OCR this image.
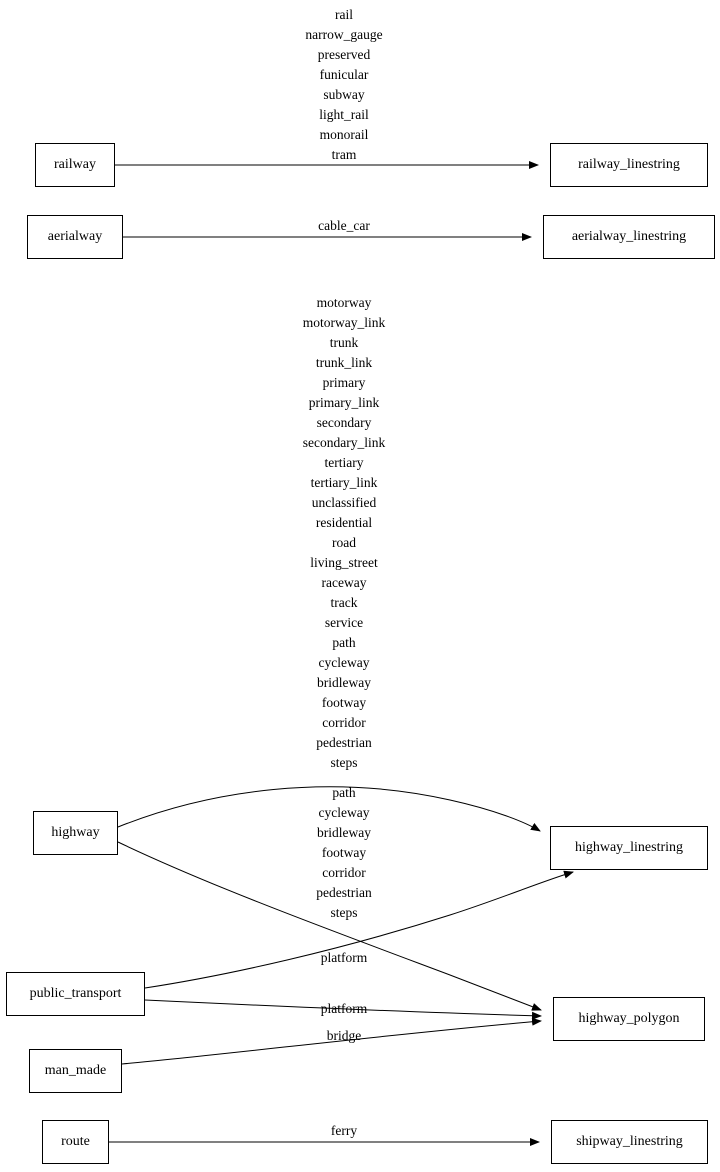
railway	railway_linestring
aerialway	aerialway_linestring
highway
highway_linestring
public_transport
highway_polygon
man_made
route	shipway_linestring
rail
narrow_gauge
preserved
funicular
subway
light_rail
monorail
tram
cable_car
motorway
motorway_link
trunk
trunk_link
primary
primary_link
secondary
secondary_link
tertiary
tertiary_link
unclassified
residential
road
living_street
raceway
track
service
path
cycleway
bridleway
footway
corridor
pedestrian
steps
path
cycleway
bridleway
footway
corridor
pedestrian
steps
platform
platform
bridge
ferry
